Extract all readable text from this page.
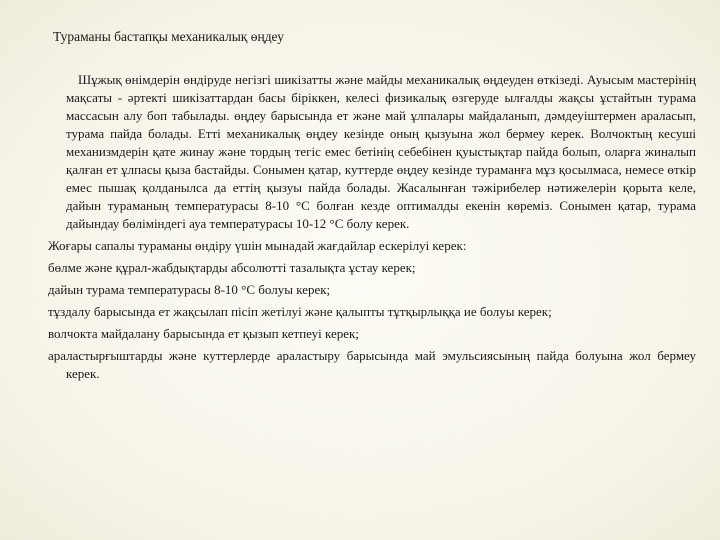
Тураманы бастапқы механикалық өңдеу

Шұжық өнімдерін өндіруде негізгі шикізатты және майды механикалық өңдеуден өткізеді. Ауысым мастерінің мақсаты - әртекті шикізаттардан басы біріккен, келесі физикалық өзгеруде ылғалды жақсы ұстайтын турама массасын алу боп табылады. өңдеу барысында ет және май ұлпалары майдаланып, дәмдеуіштермен араласып, турама пайда болады. Етті механикалық өңдеу кезінде оның қызуына жол бермеу керек. Волчоктың кесуші механизмдерін қате жинау және тордың тегіс емес бетінің себебінен қуыстықтар пайда болып, оларға жиналып қалған ет ұлпасы қыза бастайды. Сонымен қатар, куттерде өңдеу кезінде тураманға мұз қосылмаса, немесе өткір емес пышақ қолданылса да еттің қызуы пайда болады. Жасалынған тәжірибелер нәтижелерін қорыта келе, дайын тураманың температурасы 8-10 °С болған кезде оптималды екенін көреміз. Сонымен қатар, турама дайындау бөліміндегі ауа температурасы 10-12 °С болу керек.

Жоғары сапалы тураманы өндіру үшін мынадай жағдайлар ескерілуі керек:

бөлме және құрал-жабдықтарды абсолютті тазалықта ұстау керек;

дайын турама температурасы 8-10 °С болуы керек;

тұздалу барысында ет жақсылап пісіп жетілуі және қалыпты тұтқырлыққа ие болуы керек;

волчокта майдалану барысында ет қызып кетпеуі керек;

араластырғыштарды және куттерлерде араластыру барысында май эмульсиясының пайда болуына жол бермеу керек.
